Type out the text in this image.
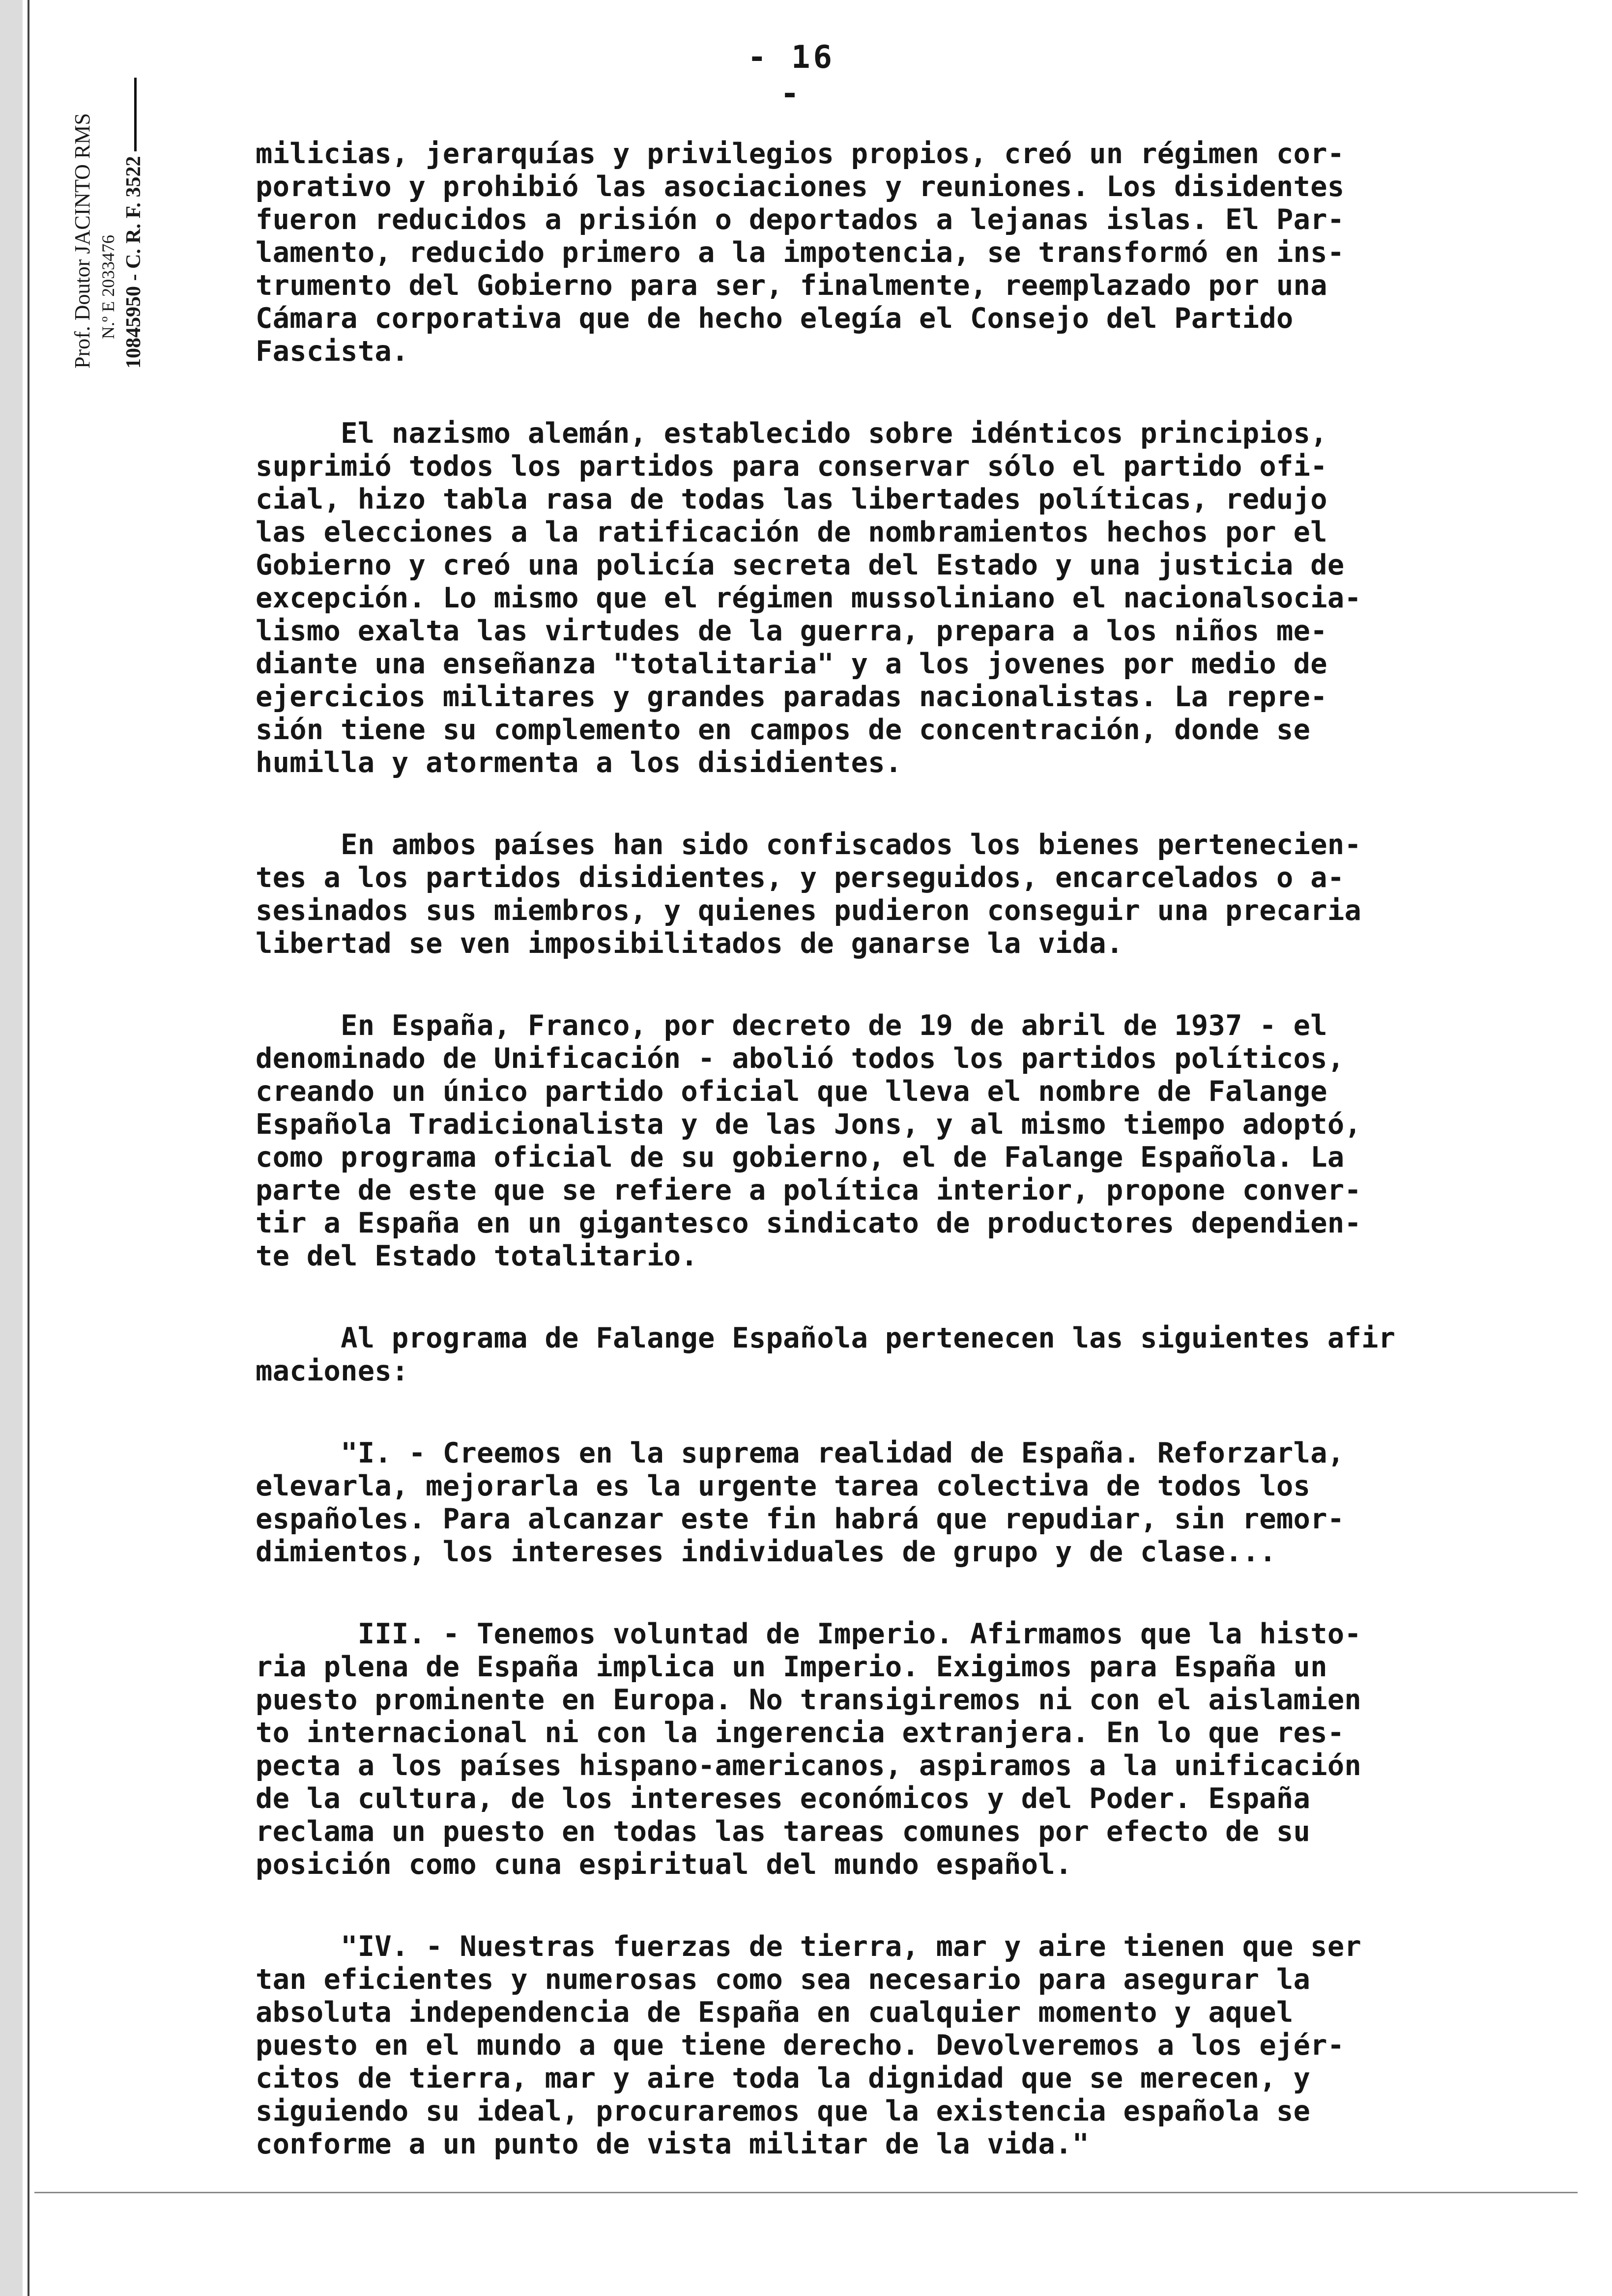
- 16 -
Prof. Doutor JACINTO RMS N.º E 2033476 10845950 - C. R. F. 3522
milicias, jerarquías y privilegios propios, creó un régimen cor-
porativo y prohibió las asociaciones y reuniones. Los disidentes
fueron reducidos a prisión o deportados a lejanas islas. El Par-
lamento, reducido primero a la impotencia, se transformó en ins-
trumento del Gobierno para ser, finalmente, reemplazado por una
Cámara corporativa que de hecho elegía el Consejo del Partido
Fascista.
El nazismo alemán, establecido sobre idénticos principios,
suprimió todos los partidos para conservar sólo el partido ofi-
cial, hizo tabla rasa de todas las libertades políticas, redujo
las elecciones a la ratificación de nombramientos hechos por el
Gobierno y creó una policía secreta del Estado y una justicia de
excepción. Lo mismo que el régimen mussoliniano el nacionalsocia-
lismo exalta las virtudes de la guerra, prepara a los niños me-
diante una enseñanza "totalitaria" y a los jovenes por medio de
ejercicios militares y grandes paradas nacionalistas. La repre-
sión tiene su complemento en campos de concentración, donde se
humilla y atormenta a los disidientes.
En ambos países han sido confiscados los bienes pertenecien-
tes a los partidos disidientes, y perseguidos, encarcelados o a-
sesinados sus miembros, y quienes pudieron conseguir una precaria
libertad se ven imposibilitados de ganarse la vida.
En España, Franco, por decreto de 19 de abril de 1937 - el
denominado de Unificación - abolió todos los partidos políticos,
creando un único partido oficial que lleva el nombre de Falange
Española Tradicionalista y de las Jons, y al mismo tiempo adoptó,
como programa oficial de su gobierno, el de Falange Española. La
parte de este que se refiere a política interior, propone conver-
tir a España en un gigantesco sindicato de productores dependien-
te del Estado totalitario.
Al programa de Falange Española pertenecen las siguientes afir
maciones:
"I. - Creemos en la suprema realidad de España. Reforzarla,
elevarla, mejorarla es la urgente tarea colectiva de todos los
españoles. Para alcanzar este fin habrá que repudiar, sin remor-
dimientos, los intereses individuales de grupo y de clase...
III. - Tenemos voluntad de Imperio. Afirmamos que la histo-
ria plena de España implica un Imperio. Exigimos para España un
puesto prominente en Europa. No transigiremos ni con el aislamien
to internacional ni con la ingerencia extranjera. En lo que res-
pecta a los países hispano-americanos, aspiramos a la unificación
de la cultura, de los intereses económicos y del Poder. España
reclama un puesto en todas las tareas comunes por efecto de su
posición como cuna espiritual del mundo español.
"IV. - Nuestras fuerzas de tierra, mar y aire tienen que ser
tan eficientes y numerosas como sea necesario para asegurar la
absoluta independencia de España en cualquier momento y aquel
puesto en el mundo a que tiene derecho. Devolveremos a los ejér-
citos de tierra, mar y aire toda la dignidad que se merecen, y
siguiendo su ideal, procuraremos que la existencia española se
conforme a un punto de vista militar de la vida."
